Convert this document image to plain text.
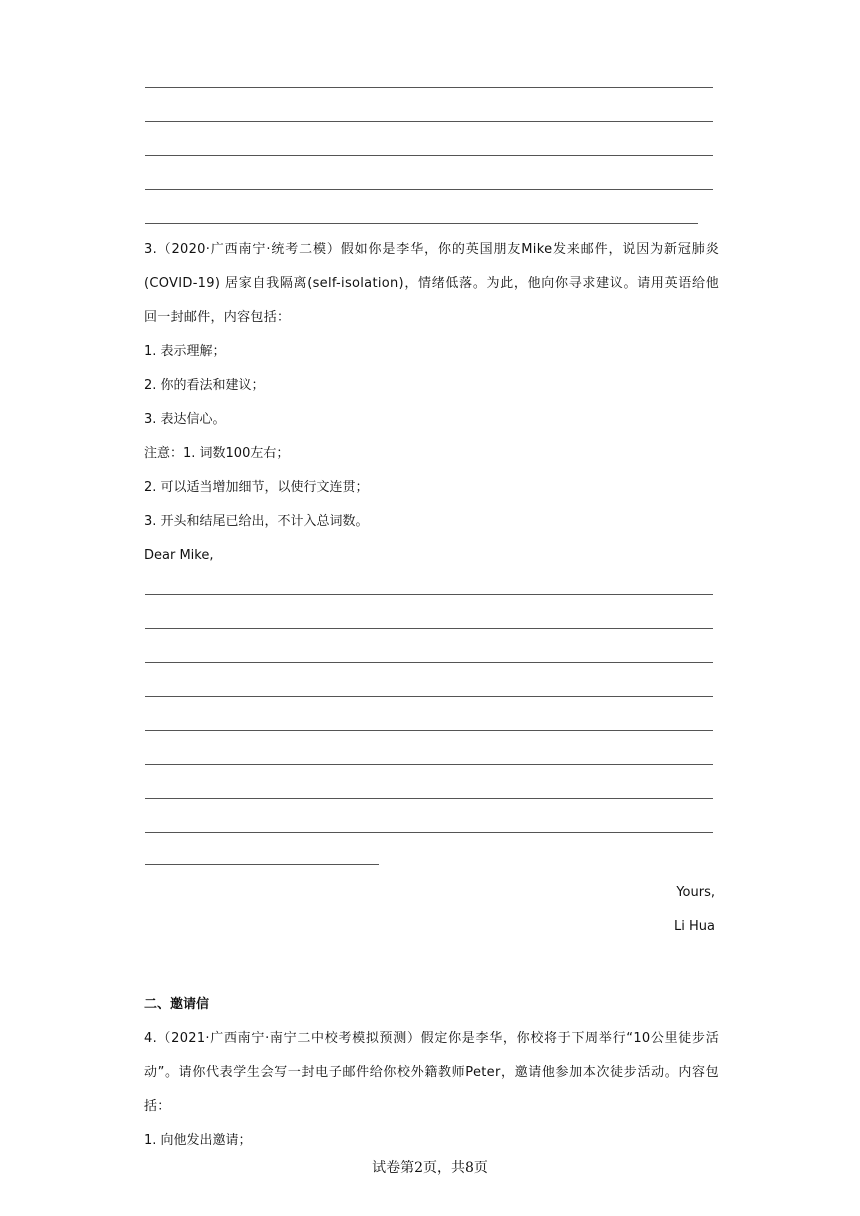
3.（2020·广西南宁·统考二模）假如你是李华，你的英国朋友Mike发来邮件，说因为新冠肺炎(COVID-19) 居家自我隔离(self-isolation)，情绪低落。为此，他向你寻求建议。请用英语给他回一封邮件，内容包括：
1. 表示理解；
2. 你的看法和建议；
3. 表达信心。
注意：1. 词数100左右；
2. 可以适当增加细节，以使行文连贯；
3. 开头和结尾已给出，不计入总词数。
Dear Mike,
Yours,
Li Hua
二、邀请信
4.（2021·广西南宁·南宁二中校考模拟预测）假定你是李华，你校将于下周举行“10公里徒步活动”。请你代表学生会写一封电子邮件给你校外籍教师Peter，邀请他参加本次徒步活动。内容包括：
1. 向他发出邀请；
试卷第2页，共8页
